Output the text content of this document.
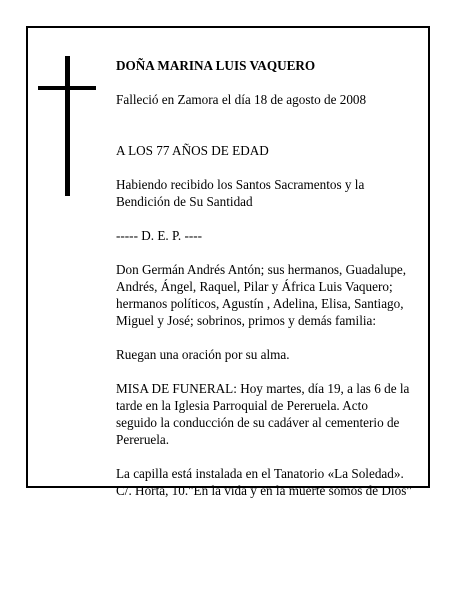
DOÑA MARINA LUIS VAQUERO

Falleció en Zamora el día 18 de agosto de 2008

A LOS 77 AÑOS DE EDAD

Habiendo recibido los Santos Sacramentos y la
Bendición de Su Santidad

----- D. E. P. ----

Don Germán Andrés Antón; sus hermanos, Guadalupe,
Andrés, Ángel, Raquel, Pilar y África Luis Vaquero;
hermanos políticos, Agustín , Adelina, Elisa, Santiago,
Miguel y José; sobrinos, primos y demás familia:

Ruegan una oración por su alma.

MISA DE FUNERAL: Hoy martes, día 19, a las 6 de la
tarde en la Iglesia Parroquial de Pereruela. Acto
seguido la conducción de su cadáver al cementerio de
Pereruela.

La capilla está instalada en el Tanatorio «La Soledad».
C/. Horta, 10."En la vida y en la muerte somos de Dios"
